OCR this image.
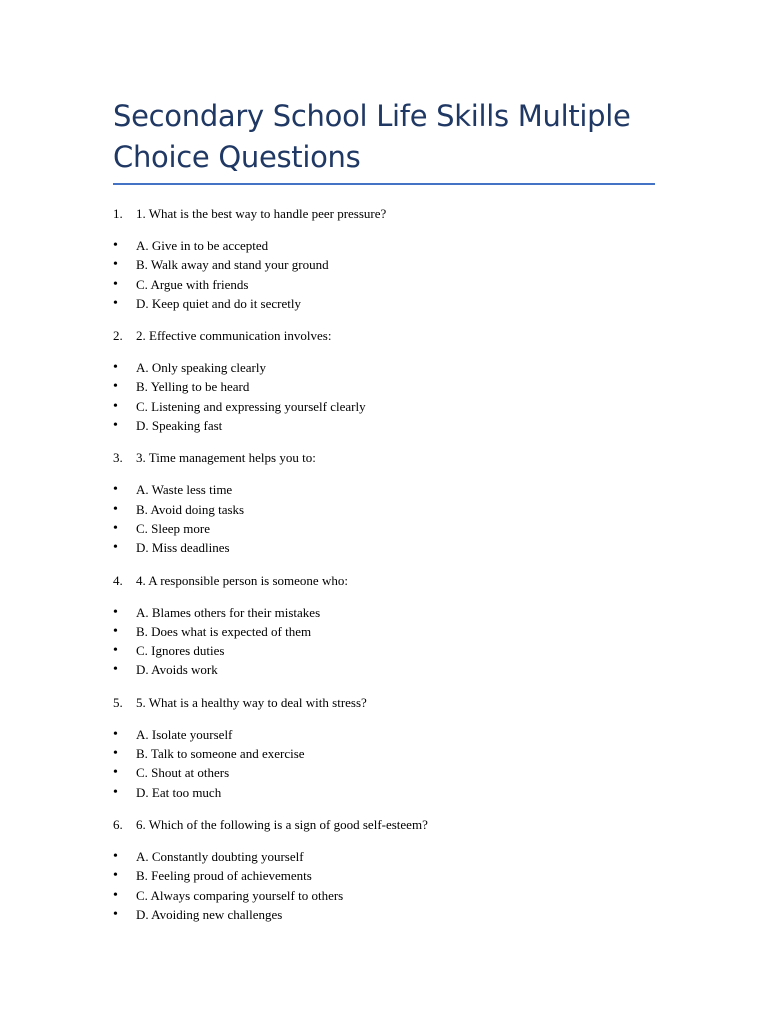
Secondary School Life Skills Multiple Choice Questions
1. 1. What is the best way to handle peer pressure?
• A. Give in to be accepted
• B. Walk away and stand your ground
• C. Argue with friends
• D. Keep quiet and do it secretly
2. 2. Effective communication involves:
• A. Only speaking clearly
• B. Yelling to be heard
• C. Listening and expressing yourself clearly
• D. Speaking fast
3. 3. Time management helps you to:
• A. Waste less time
• B. Avoid doing tasks
• C. Sleep more
• D. Miss deadlines
4. 4. A responsible person is someone who:
• A. Blames others for their mistakes
• B. Does what is expected of them
• C. Ignores duties
• D. Avoids work
5. 5. What is a healthy way to deal with stress?
• A. Isolate yourself
• B. Talk to someone and exercise
• C. Shout at others
• D. Eat too much
6. 6. Which of the following is a sign of good self-esteem?
• A. Constantly doubting yourself
• B. Feeling proud of achievements
• C. Always comparing yourself to others
• D. Avoiding new challenges
